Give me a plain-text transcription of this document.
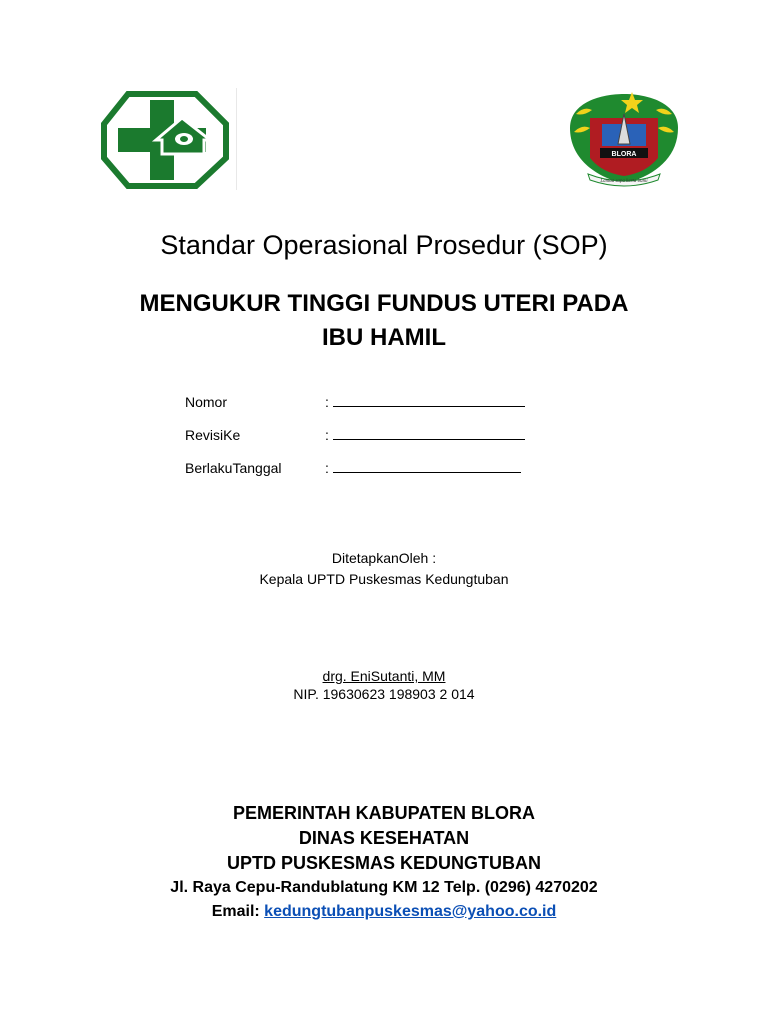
BLORA
Lamaa sapa kerta bumi
Standar Operasional Prosedur (SOP)
MENGUKUR TINGGI FUNDUS UTERI PADA
IBU HAMIL
Nomor	:
RevisiKe	:
BerlakuTanggal	:
DitetapkanOleh :
Kepala UPTD Puskesmas Kedungtuban
drg. EniSutanti, MM
NIP. 19630623 198903 2 014
PEMERINTAH KABUPATEN BLORA
DINAS KESEHATAN
UPTD PUSKESMAS KEDUNGTUBAN
Jl. Raya Cepu-Randublatung KM 12 Telp. (0296) 4270202
Email: kedungtubanpuskesmas@yahoo.co.id
